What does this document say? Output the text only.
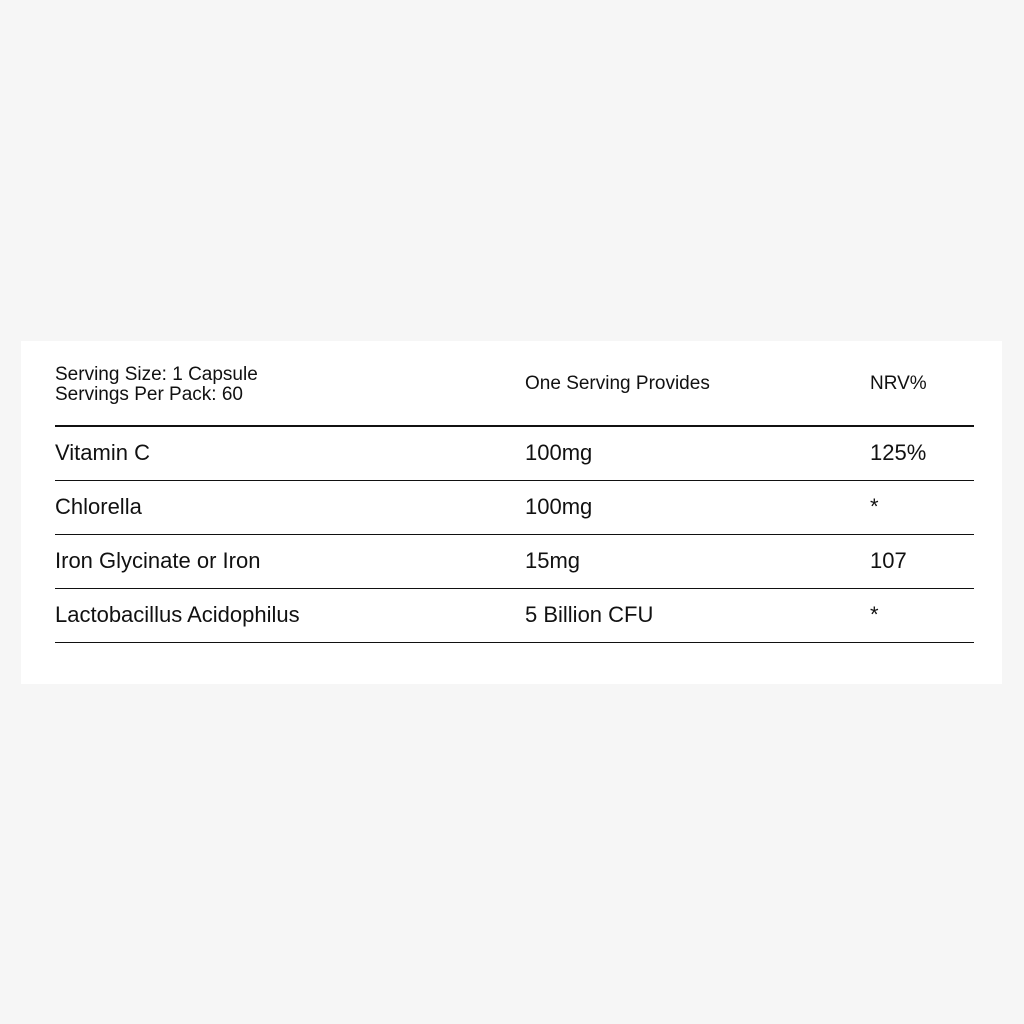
Serving Size: 1 Capsule
Servings Per Pack: 60
One Serving Provides	NRV%
Vitamin C	100mg	125%
Chlorella	100mg	*
Iron Glycinate or Iron	15mg	107
Lactobacillus Acidophilus	5 Billion CFU	*
